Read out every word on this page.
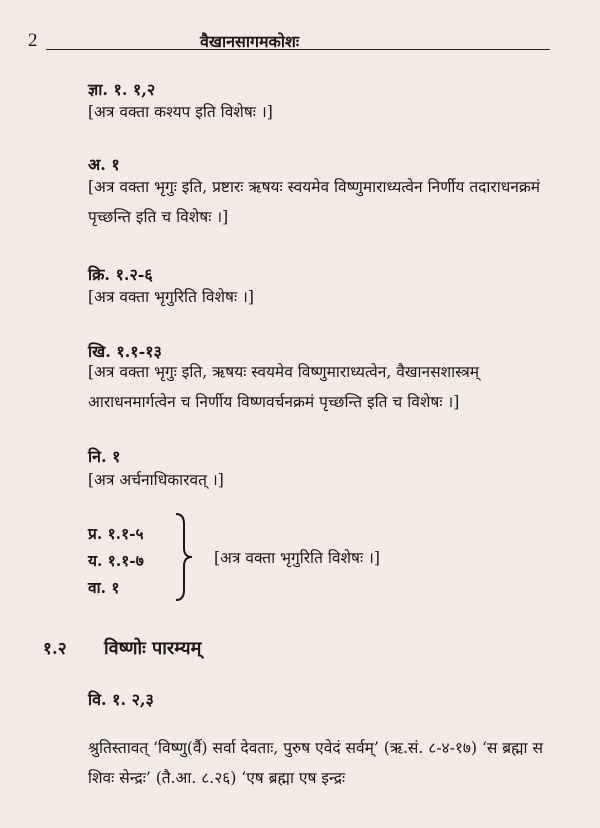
2	वैखानसागमकोशः
ज्ञा. १. १,२
[अत्र वक्ता कश्यप इति विशेषः ।]
अ. १
[अत्र वक्ता भृगुः इति, प्रष्टारः ऋषयः स्वयमेव विष्णुमाराध्यत्वेन निर्णीय तदाराधनक्रमं पृच्छन्ति इति च विशेषः ।]
क्रि. १.२-६
[अत्र वक्ता भृगुरिति विशेषः ।]
खि. १.१-१३
[अत्र वक्ता भृगुः इति, ऋषयः स्वयमेव विष्णुमाराध्यत्वेन, वैखानसशास्त्रम् आराधनमार्गत्वेन च निर्णीय विष्णवर्चनक्रमं पृच्छन्ति इति च विशेषः ।]
नि. १
[अत्र अर्चनाधिकारवत् ।]
प्र. १.१-५
य. १.१-७
वा. १
[अत्र वक्ता भृगुरिति विशेषः ।]
१.२ विष्णोः पारम्यम्
वि. १. २,३
श्रुतिस्तावत् ‘विष्णु(र्वै) सर्वा देवताः, पुरुष एवेदं सर्वम्’ (ऋ.सं. ८-४-१७) ‘स ब्रह्मा स शिवः सेन्द्रः’ (तै.आ. ८.२६) ‘एष ब्रह्मा एष इन्द्रः
